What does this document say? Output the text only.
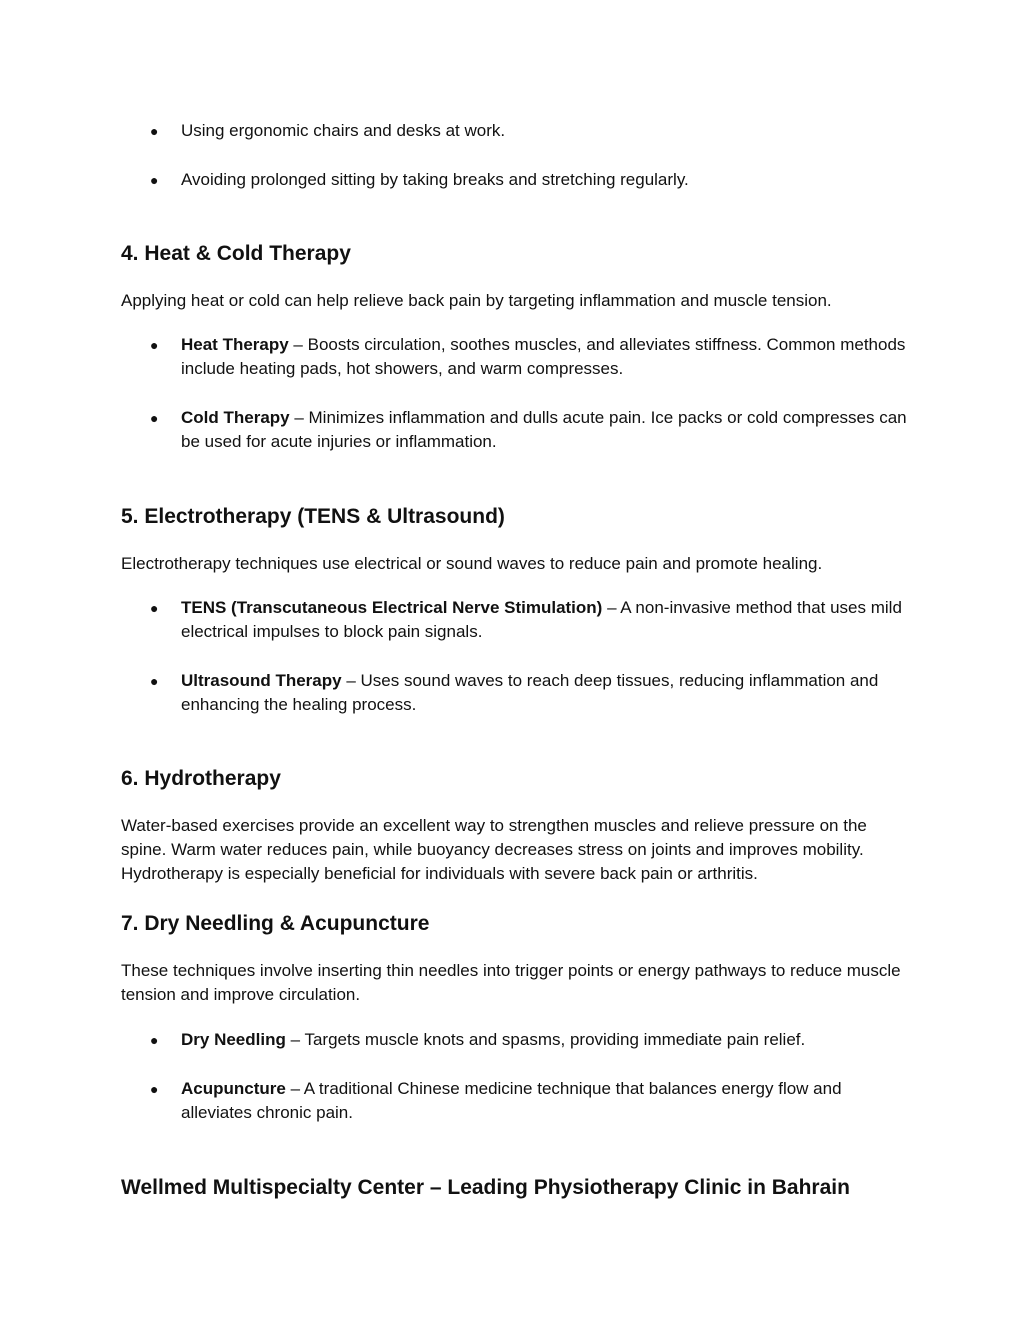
● Using ergonomic chairs and desks at work.
● Avoiding prolonged sitting by taking breaks and stretching regularly.
4. Heat & Cold Therapy

Applying heat or cold can help relieve back pain by targeting inflammation and muscle tension.

● Heat Therapy – Boosts circulation, soothes muscles, and alleviates stiffness. Common methods include heating pads, hot showers, and warm compresses.
● Cold Therapy – Minimizes inflammation and dulls acute pain. Ice packs or cold compresses can be used for acute injuries or inflammation.
5. Electrotherapy (TENS & Ultrasound)

Electrotherapy techniques use electrical or sound waves to reduce pain and promote healing.

● TENS (Transcutaneous Electrical Nerve Stimulation) – A non-invasive method that uses mild electrical impulses to block pain signals.
● Ultrasound Therapy – Uses sound waves to reach deep tissues, reducing inflammation and enhancing the healing process.
6. Hydrotherapy

Water-based exercises provide an excellent way to strengthen muscles and relieve pressure on the spine. Warm water reduces pain, while buoyancy decreases stress on joints and improves mobility. Hydrotherapy is especially beneficial for individuals with severe back pain or arthritis.

7. Dry Needling & Acupuncture

These techniques involve inserting thin needles into trigger points or energy pathways to reduce muscle tension and improve circulation.

● Dry Needling – Targets muscle knots and spasms, providing immediate pain relief.
● Acupuncture – A traditional Chinese medicine technique that balances energy flow and alleviates chronic pain.
Wellmed Multispecialty Center – Leading Physiotherapy Clinic in Bahrain
